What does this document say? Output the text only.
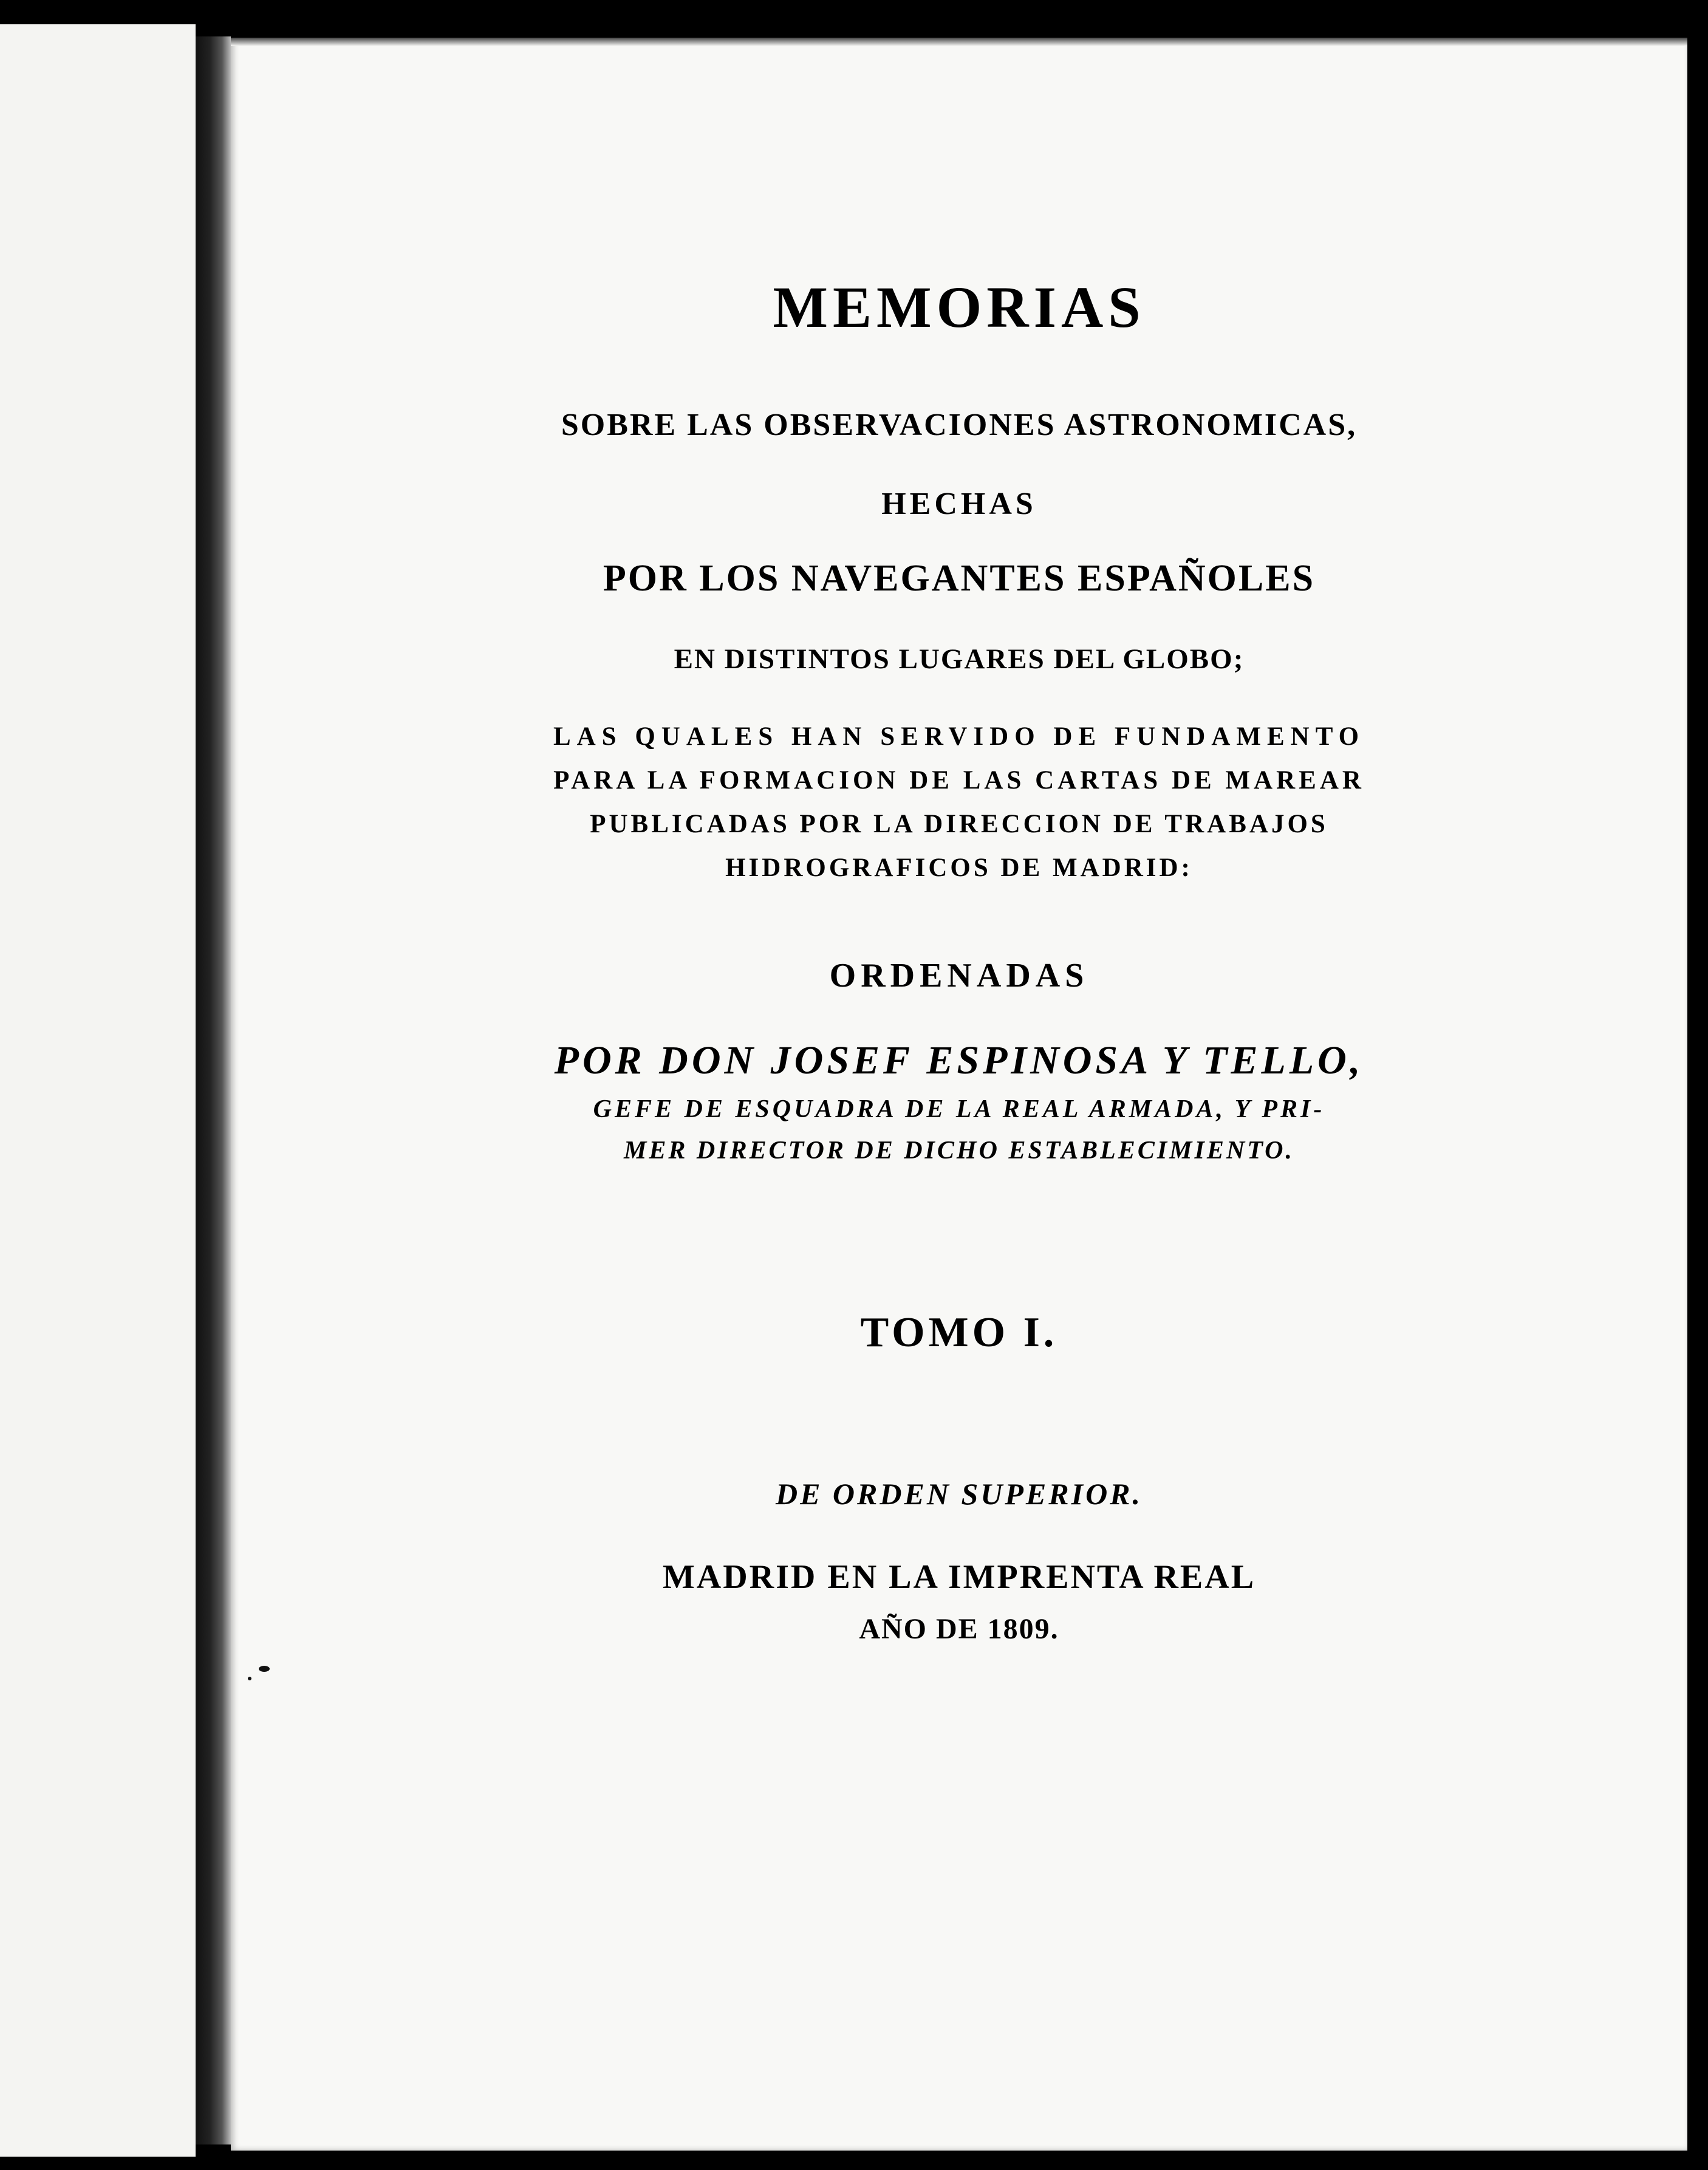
MEMORIAS
SOBRE LAS OBSERVACIONES ASTRONOMICAS,
HECHAS
POR LOS NAVEGANTES ESPAÑOLES
EN DISTINTOS LUGARES DEL GLOBO;
LAS QUALES HAN SERVIDO DE FUNDAMENTO
PARA LA FORMACION DE LAS CARTAS DE MAREAR
PUBLICADAS POR LA DIRECCION DE TRABAJOS
HIDROGRAFICOS DE MADRID:
ORDENADAS
POR DON JOSEF ESPINOSA Y TELLO,
GEFE DE ESQUADRA DE LA REAL ARMADA, Y PRI-
MER DIRECTOR DE DICHO ESTABLECIMIENTO.
TOMO I.
DE ORDEN SUPERIOR.
MADRID EN LA IMPRENTA REAL
AÑO DE 1809.
